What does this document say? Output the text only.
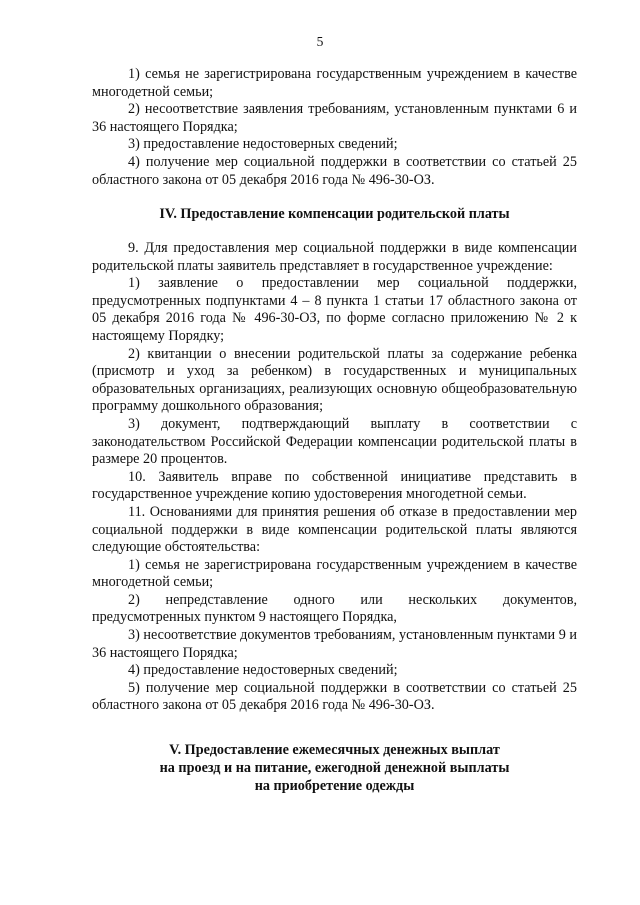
5

1) семья не зарегистрирована государственным учреждением в качестве многодетной семьи;

2) несоответствие заявления требованиям, установленным пунктами 6 и 36 настоящего Порядка;

3) предоставление недостоверных сведений;

4) получение мер социальной поддержки в соответствии со статьей 25 областного закона от 05 декабря 2016 года № 496-30-ОЗ.

IV. Предоставление компенсации родительской платы

9. Для предоставления мер социальной поддержки в виде компенсации родительской платы заявитель представляет в государственное учреждение:

1) заявление о предоставлении мер социальной поддержки, предусмотренных подпунктами 4 – 8 пункта 1 статьи 17 областного закона от 05 декабря 2016 года № 496-30-ОЗ, по форме согласно приложению № 2 к настоящему Порядку;

2) квитанции о внесении родительской платы за содержание ребенка (присмотр и уход за ребенком) в государственных и муниципальных образовательных организациях, реализующих основную общеобразовательную программу дошкольного образования;

3) документ, подтверждающий выплату в соответствии с законодательством Российской Федерации компенсации родительской платы в размере 20 процентов.

10. Заявитель вправе по собственной инициативе представить в государственное учреждение копию удостоверения многодетной семьи.

11. Основаниями для принятия решения об отказе в предоставлении мер социальной поддержки в виде компенсации родительской платы являются следующие обстоятельства:

1) семья не зарегистрирована государственным учреждением в качестве многодетной семьи;

2) непредставление одного или нескольких документов, предусмотренных пунктом 9 настоящего Порядка,

3) несоответствие документов требованиям, установленным пунктами 9 и 36 настоящего Порядка;

4) предоставление недостоверных сведений;

5) получение мер социальной поддержки в соответствии со статьей 25 областного закона от 05 декабря 2016 года № 496-30-ОЗ.

V. Предоставление ежемесячных денежных выплат

на проезд и на питание, ежегодной денежной выплаты

на приобретение одежды
